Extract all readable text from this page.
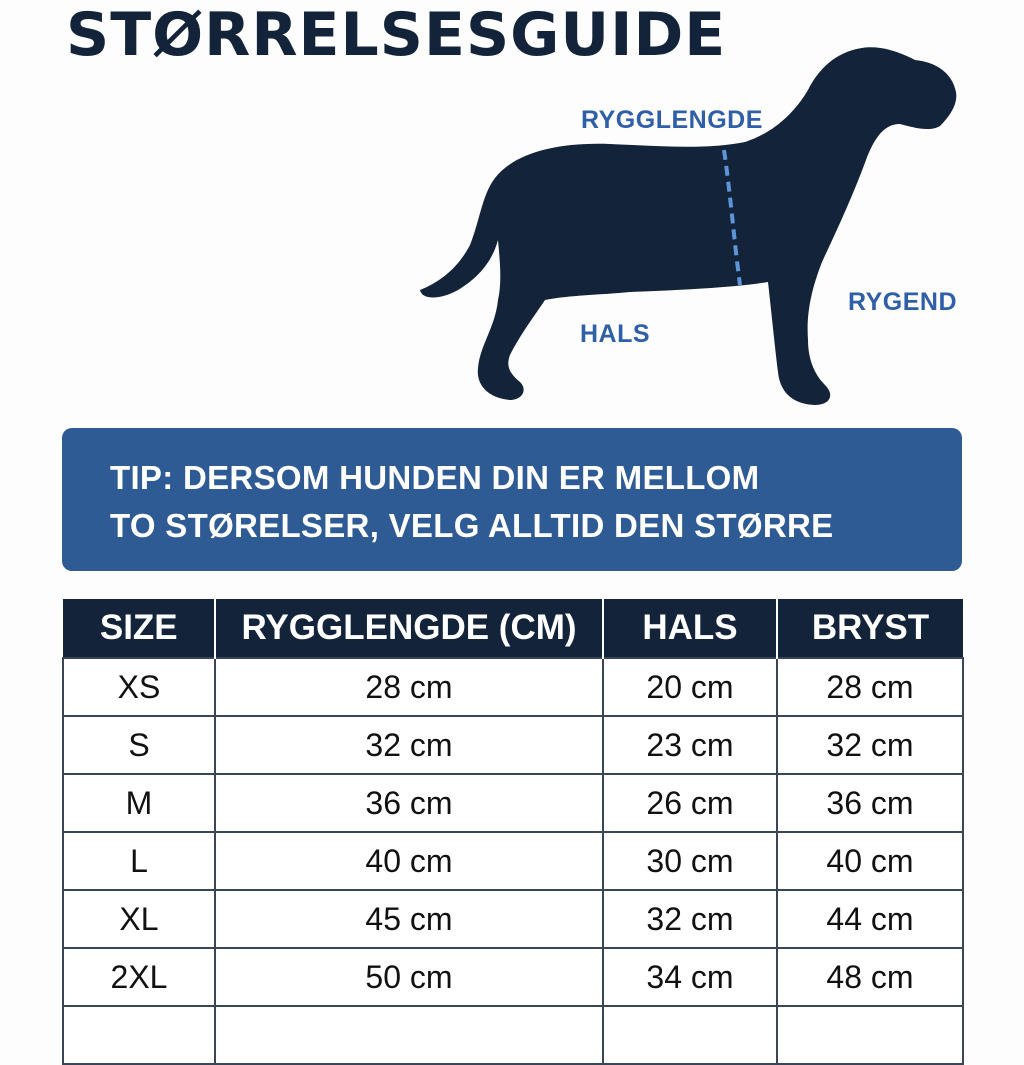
STØRRELSESGUIDE
RYGGLENGDE
HALS
RYGEND
TIP: DERSOM HUNDEN DIN ER MELLOM
TO STØRELSER, VELG ALLTID DEN STØRRE
SIZE	RYGGLENGDE (CM)	HALS	BRYST
XS	28 cm	20 cm	28 cm
S	32 cm	23 cm	32 cm
M	36 cm	26 cm	36 cm
L	40 cm	30 cm	40 cm
XL	45 cm	32 cm	44 cm
2XL	50 cm	34 cm	48 cm
